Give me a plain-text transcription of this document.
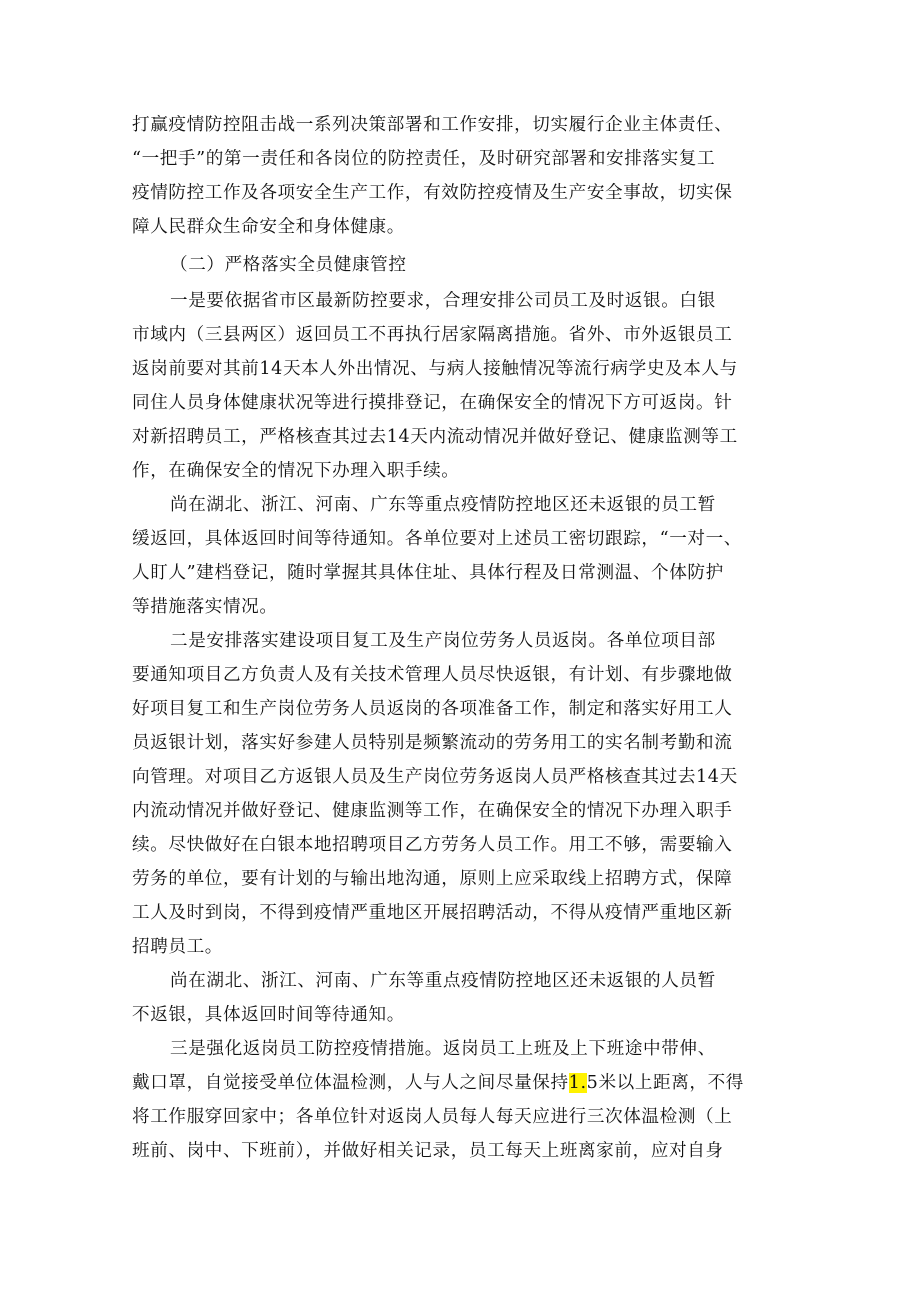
打赢疫情防控阻击战一系列决策部署和工作安排，切实履行企业主体责任、
“一把手”的第一责任和各岗位的防控责任，及时研究部署和安排落实复工
疫情防控工作及各项安全生产工作，有效防控疫情及生产安全事故，切实保
障人民群众生命安全和身体健康。
（二）严格落实全员健康管控
一是要依据省市区最新防控要求，合理安排公司员工及时返银。白银
市域内（三县两区）返回员工不再执行居家隔离措施。省外、市外返银员工
返岗前要对其前14天本人外出情况、与病人接触情况等流行病学史及本人与
同住人员身体健康状况等进行摸排登记，在确保安全的情况下方可返岗。针
对新招聘员工，严格核查其过去14天内流动情况并做好登记、健康监测等工
作，在确保安全的情况下办理入职手续。
尚在湖北、浙江、河南、广东等重点疫情防控地区还未返银的员工暂
缓返回，具体返回时间等待通知。各单位要对上述员工密切跟踪，“一对一、
人盯人”建档登记，随时掌握其具体住址、具体行程及日常测温、个体防护
等措施落实情况。
二是安排落实建设项目复工及生产岗位劳务人员返岗。各单位项目部
要通知项目乙方负责人及有关技术管理人员尽快返银，有计划、有步骤地做
好项目复工和生产岗位劳务人员返岗的各项准备工作，制定和落实好用工人
员返银计划，落实好参建人员特别是频繁流动的劳务用工的实名制考勤和流
向管理。对项目乙方返银人员及生产岗位劳务返岗人员严格核查其过去14天
内流动情况并做好登记、健康监测等工作，在确保安全的情况下办理入职手
续。尽快做好在白银本地招聘项目乙方劳务人员工作。用工不够，需要输入
劳务的单位，要有计划的与输出地沟通，原则上应采取线上招聘方式，保障
工人及时到岗，不得到疫情严重地区开展招聘活动，不得从疫情严重地区新
招聘员工。
尚在湖北、浙江、河南、广东等重点疫情防控地区还未返银的人员暂
不返银，具体返回时间等待通知。
三是强化返岗员工防控疫情措施。返岗员工上班及上下班途中带伸、
戴口罩，自觉接受单位体温检测，人与人之间尽量保持1.5米以上距离，不得
将工作服穿回家中；各单位针对返岗人员每人每天应进行三次体温检测（上
班前、岗中、下班前），并做好相关记录，员工每天上班离家前，应对自身
